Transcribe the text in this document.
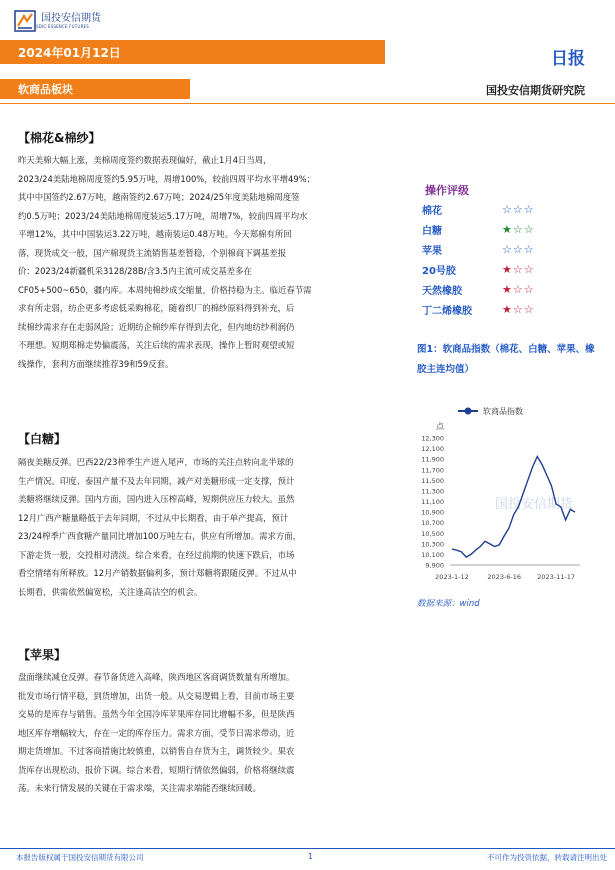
国投安信期货
SDIC ESSENCE FUTURES
2024年01月12日	日报
软商品板块	国投安信期货研究院
【棉花&棉纱】
昨天美棉大幅上涨，美棉周度签约数据表现偏好，截止1月4日当周，
2023/24美陆地棉周度签约5.95万吨，周增100%，较前四周平均水平增49%；
其中中国签约2.67万吨，越南签约2.67万吨；2024/25年度美陆地棉周度签
约0.5万吨；2023/24美陆地棉周度装运5.17万吨，周增7%，较前四周平均水
平增12%，其中中国装运3.22万吨，越南装运0.48万吨。今天郑棉有所回
落，现货成交一般，国产棉现货主流销售基差暂稳，个别棉商下调基差报
价：2023/24新疆机采3128/28B/含3.5内主流可成交基差多在
CF05+500~650，疆内库。本周纯棉纱成交缩量，价格持稳为主。临近春节需
求有所走弱，纺企更多考虑低采购棉花，随着织厂的棉纱原料得到补充，后
续棉纱需求存在走弱风险；近期纺企棉纱库存得到去化，但内地纺纱利润仍
不理想。短期郑棉走势偏震荡，关注后续的需求表现，操作上暂时观望或短
线操作，套利方面继续推荐39和59反套。
【白糖】
隔夜美糖反弹。巴西22/23榨季生产进入尾声，市场的关注点转向北半球的
生产情况。印度、泰国产量不及去年同期，减产对美糖形成一定支撑，预计
美糖将继续反弹。国内方面，国内进入压榨高峰，短期供应压力较大。虽然
12月广西产糖量略低于去年同期，不过从中长期看，由于单产提高，预计
23/24榨季广西食糖产量同比增加100万吨左右，供应有所增加。需求方面，
下游走货一般，交投相对清淡。综合来看，在经过前期的快速下跌后，市场
看空情绪有所释放。12月产销数据偏利多，预计郑糖将跟随反弹。不过从中
长期看，供需依然偏宽松，关注逢高沽空的机会。
【苹果】
盘面继续减仓反弹。春节备货进入高峰，陕西地区客商调货数量有所增加。
批发市场行情平稳，到货增加，出货一般。从交易逻辑上看，目前市场主要
交易的是库存与销售。虽然今年全国冷库苹果库存同比增幅不多，但是陕西
地区库存增幅较大，存在一定的库存压力。需求方面，受节日需求带动，近
期走货增加。不过客商措施比较慎重，以销售自存货为主，调货较少。果农
货库存出现松动，报价下调。综合来看，短期行情依然偏弱，价格将继续震
荡。未来行情发展的关键在于需求端，关注需求端能否继续回暖。
操作评级
棉花	☆☆☆
白糖	★☆☆
苹果	☆☆☆
20号胶	★☆☆
天然橡胶	★☆☆
丁二烯橡胶	★☆☆
图1：软商品指数（棉花、白糖、苹果、橡胶主连均值）
软商品指数
点
国投安信期货
12,300
12,100
11,900
11,700
11,500
11,300
11,100
10,900
10,700
10,500
10,300
10,100
9,900
2023-1-12	2023-6-16 2023-11-17
数据来源：wind
本报告版权属于国投安信期货有限公司	1	不可作为投资依据，转载请注明出处
